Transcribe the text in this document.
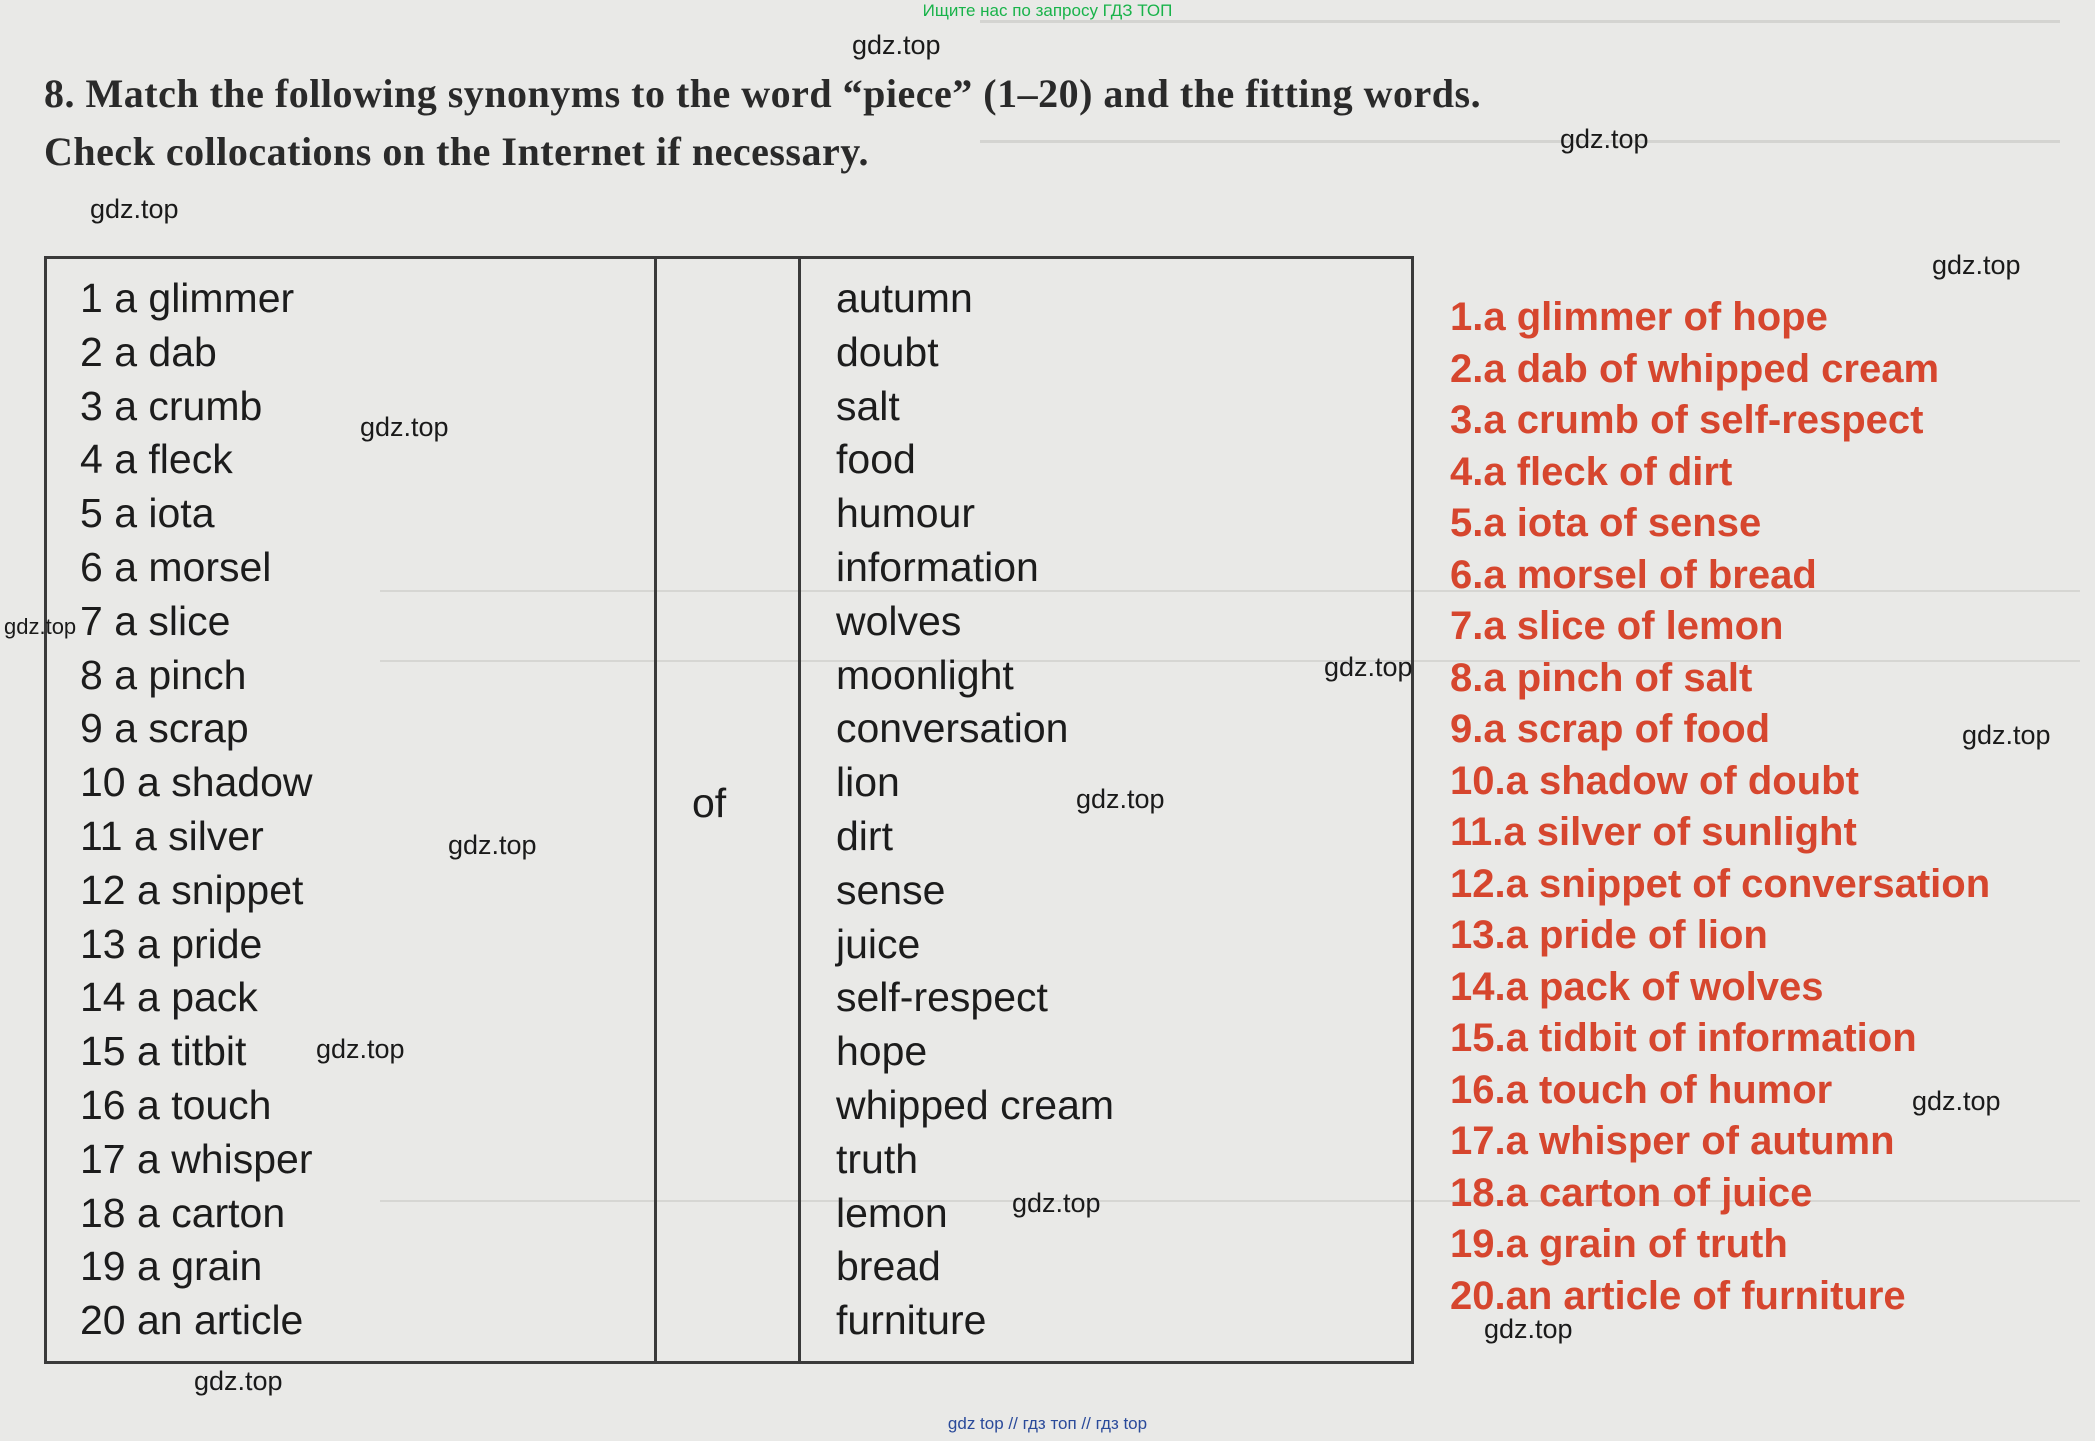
Ищите нас по запросу ГДЗ ТОП
8. Match the following synonyms to the word “piece” (1–20) and the fitting words.
Check collocations on the Internet if necessary.
1 a glimmer
2 a dab
3 a crumb
4 a fleck
5 a iota
6 a morsel
7 a slice
8 a pinch
9 a scrap
10 a shadow
11 a silver
12 a snippet
13 a pride
14 a pack
15 a titbit
16 a touch
17 a whisper
18 a carton
19 a grain
20 an article
of
autumn
doubt
salt
food
humour
information
wolves
moonlight
conversation
lion
dirt
sense
juice
self-respect
hope
whipped cream
truth
lemon
bread
furniture
1.a glimmer of hope
2.a dab of whipped cream
3.a crumb of self-respect
4.a fleck of dirt
5.a iota of sense
6.a morsel of bread
7.a slice of lemon
8.a pinch of salt
9.a scrap of food
10.a shadow of doubt
11.a silver of sunlight
12.a snippet of conversation
13.a pride of lion
14.a pack of wolves
15.a tidbit of information
16.a touch of humor
17.a whisper of autumn
18.a carton of juice
19.a grain of truth
20.an article of furniture
gdz.top
gdz.top
gdz.top
gdz.top
gdz.top
gdz.top
gdz.top
gdz.top
gdz.top
gdz.top
gdz.top
gdz.top
gdz.top
gdz.top
gdz.top
gdz top // гдз топ // гдз top
